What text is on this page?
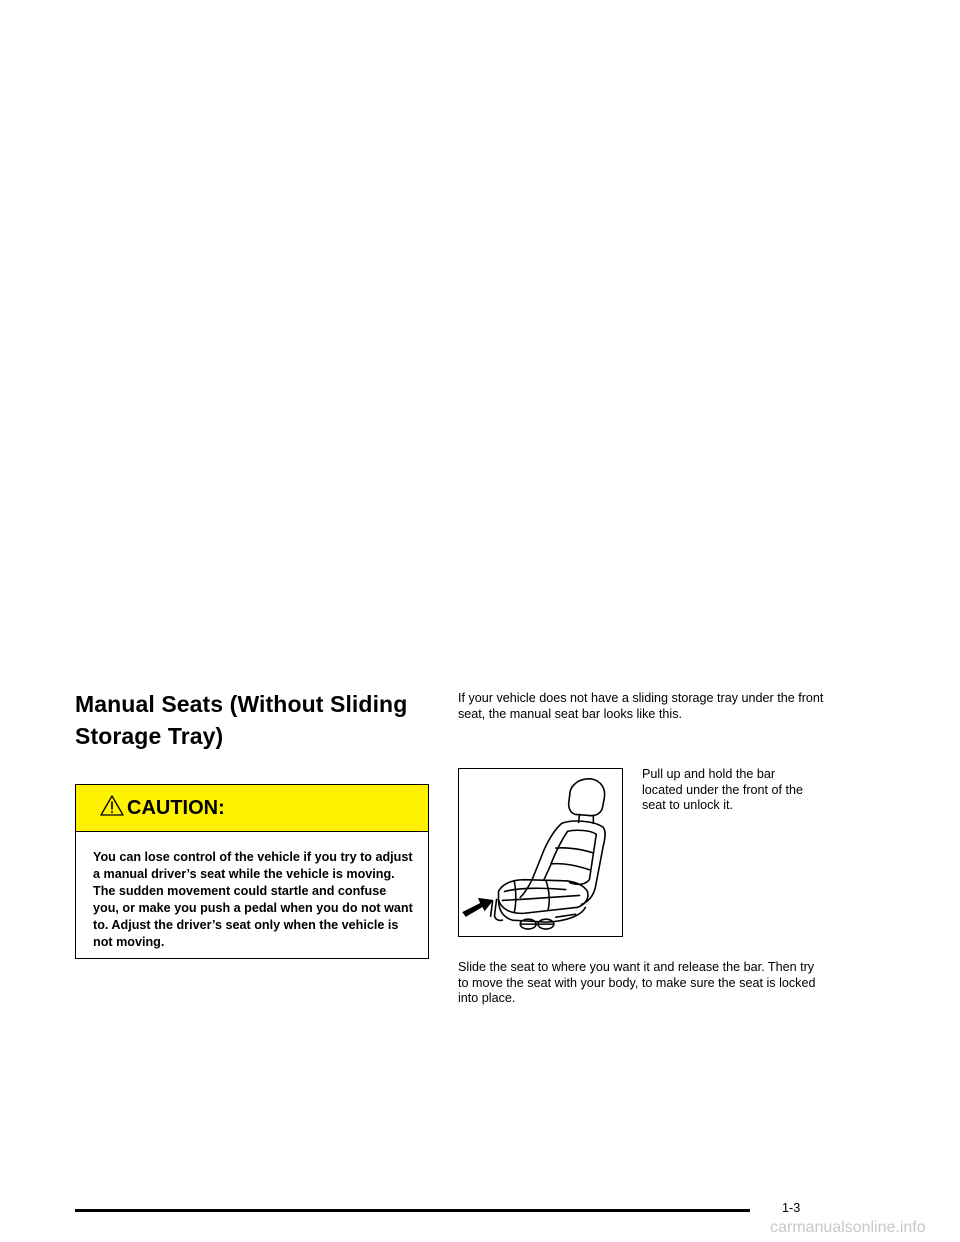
Manual Seats (Without Sliding Storage Tray)
CAUTION:

You can lose control of the vehicle if you try to adjust a manual driver’s seat while the vehicle is moving. The sudden movement could startle and confuse you, or make you push a pedal when you do not want to. Adjust the driver’s seat only when the vehicle is not moving.

If your vehicle does not have a sliding storage tray under the front seat, the manual seat bar looks like this.

Pull up and hold the bar located under the front of the seat to unlock it.

Slide the seat to where you want it and release the bar. Then try to move the seat with your body, to make sure the seat is locked into place.

1-3

carmanualsonline.info
